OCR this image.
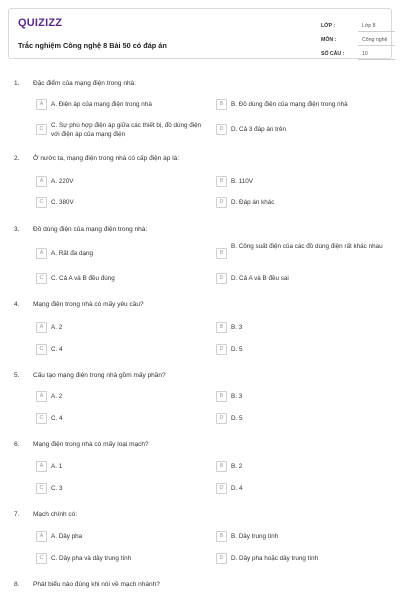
QUIZIZZ
Trắc nghiệm Công nghệ 8 Bài 50 có đáp án
LỚP :	Lớp 8
MÔN :	Công nghệ
SỐ CÂU :	10
1. Đặc điểm của mạng điện trong nhà:
A	A. Điện áp của mạng điện trong nhà	B	B. Đồ dùng điện của mạng điện trong nhà
C	C. Sự phù hợp điện áp giữa các thiết bị, đồ dùng điện với điện áp của mạng điện
D	D. Cả 3 đáp án trên
2. Ở nước ta, mạng điện trong nhà có cấp điện áp là:
A	A. 220V	B	B. 110V
C	C. 380V	D	D. Đáp án khác
3. Đồ dùng điện của mạng điện trong nhà:
A	A. Rất đa dạng	B
B. Công suất điện của các đồ dùng điện rất khác nhau
C	C. Cả A và B đều đúng	D	D. Cả A và B đều sai
4. Mạng điện trong nhà có mấy yêu cầu?
A	A. 2	B	B. 3
C	C. 4	D	D. 5
5. Cấu tạo mạng điện trong nhà gồm mấy phần?
A	A. 2	B	B. 3
C	C. 4	D	D. 5
6. Mạng điện trong nhà có mấy loại mạch?
A	A. 1	B	B. 2
C	C. 3	D	D. 4
7. Mạch chính có:
A	A. Dây pha	B	B. Dây trung tính
C	C. Dây pha và dây trung tính	D	D. Dây pha hoặc dây trung tính
8. Phát biểu nào đúng khi nói về mạch nhánh?
